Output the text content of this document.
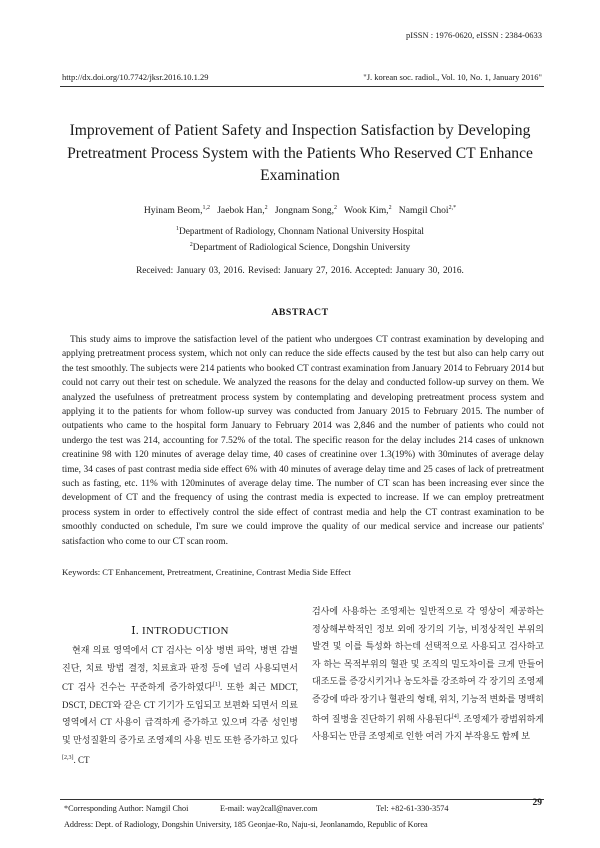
pISSN : 1976-0620, eISSN : 2384-0633
http://dx.doi.org/10.7742/jksr.2016.10.1.29	"J. korean soc. radiol., Vol. 10, No. 1, January 2016"
Improvement of Patient Safety and Inspection Satisfaction by Developing Pretreatment Process System with the Patients Who Reserved CT Enhance Examination
Hyinam Beom,$^{1,2}$ Jaebok Han,$^2$ Jongnam Song,$^2$ Wook Kim,$^2$ Namgil Choi$^{2,*}$
$^1$Department of Radiology, Chonnam National University Hospital
$^2$Department of Radiological Science, Dongshin University
Received: January 03, 2016. Revised: January 27, 2016. Accepted: January 30, 2016.
ABSTRACT

This study aims to improve the satisfaction level of the patient who undergoes CT contrast examination by developing and applying pretreatment process system, which not only can reduce the side effects caused by the test but also can help carry out the test smoothly. The subjects were 214 patients who booked CT contrast examination from January 2014 to February 2014 but could not carry out their test on schedule. We analyzed the reasons for the delay and conducted follow-up survey on them. We analyzed the usefulness of pretreatment process system by contemplating and developing pretreatment process system and applying it to the patients for whom follow-up survey was conducted from January 2015 to February 2015. The number of outpatients who came to the hospital form January to February 2014 was 2,846 and the number of patients who could not undergo the test was 214, accounting for 7.52% of the total. The specific reason for the delay includes 214 cases of unknown creatinine 98 with 120 minutes of average delay time, 40 cases of creatinine over 1.3(19%) with 30minutes of average delay time, 34 cases of past contrast media side effect 6% with 40 minutes of average delay time and 25 cases of lack of pretreatment such as fasting, etc. 11% with 120minutes of average delay time. The number of CT scan has been increasing ever since the development of CT and the frequency of using the contrast media is expected to increase. If we can employ pretreatment process system in order to effectively control the side effect of contrast media and help the CT contrast examination to be smoothly conducted on schedule, I'm sure we could improve the quality of our medical service and increase our patients' satisfaction who come to our CT scan room.

Keywords: CT Enhancement, Pretreatment, Creatinine, Contrast Media Side Effect
Ⅰ. INTRODUCTION

현재 의료 영역에서 CT 검사는 이상 병변 파악, 병변 감별 진단, 치료 방법 결정, 치료효과 판정 등에 널리 사용되면서 CT 검사 건수는 꾸준하게 증가하였다[1]. 또한 최근 MDCT, DSCT, DECT와 같은 CT 기기가 도입되고 보편화 되면서 의료영역에서 CT 사용이 급격하게 증가하고 있으며 각종 성인병 및 만성질환의 증가로 조영제의 사용 빈도 또한 증가하고 있다[2,3]. CT

검사에 사용하는 조영제는 일반적으로 각 영상이 제공하는 정상해부학적인 정보 외에 장기의 기능, 비정상적인 부위의 발견 및 이를 특성화 하는데 선택적으로 사용되고 검사하고자 하는 목적부위의 혈관 및 조직의 밀도차이를 크게 만들어 대조도를 증강시키거나 농도차를 강조하여 각 장기의 조영제 증강에 따라 장기나 혈관의 형태, 위치, 기능적 변화를 명백히 하여 질병을 진단하기 위해 사용된다[4]. 조영제가 광범위하게 사용되는 만큼 조영제로 인한 여러 가지 부작용도 함께 보

*Corresponding Author: Namgil Choi	E-mail: way2call@naver.com	Tel: +82-61-330-3574
Address: Dept. of Radiology, Dongshin University, 185 Geonjae-Ro, Naju-si, Jeonlanamdo, Republic of Korea
29
